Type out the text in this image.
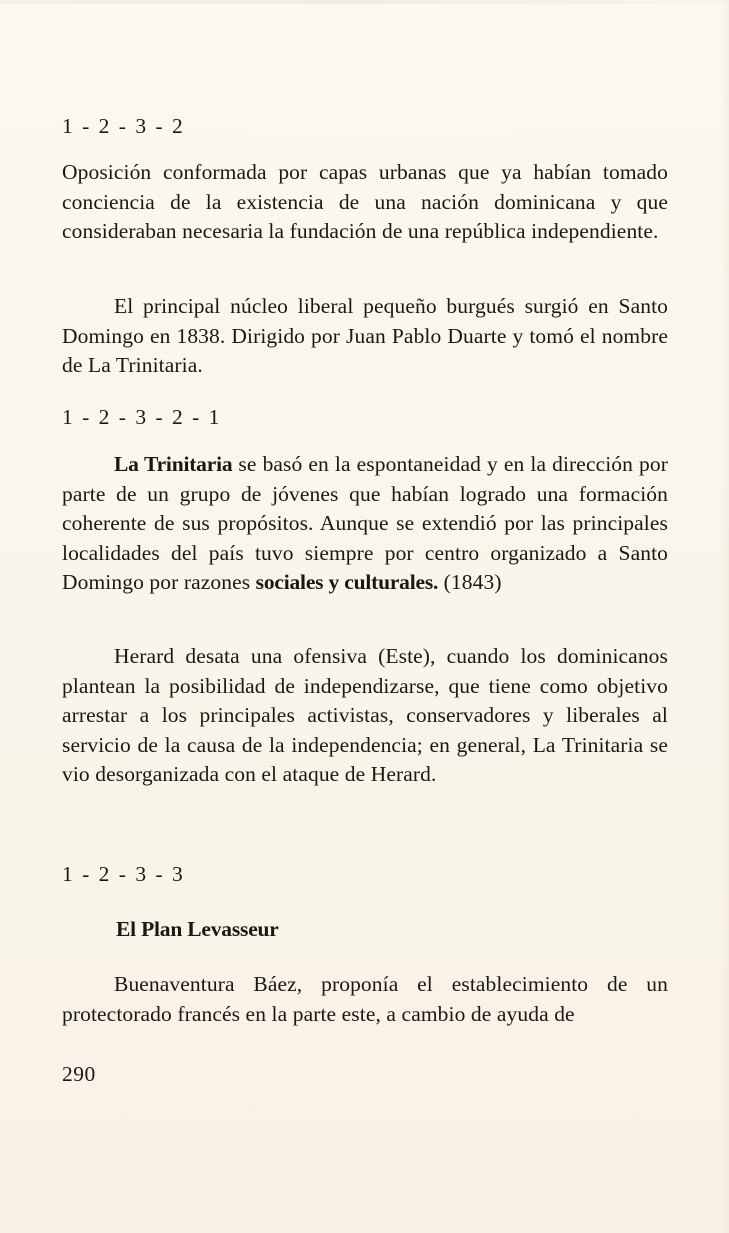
1 - 2 - 3 - 2

Oposición conformada por capas urbanas que ya habían tomado conciencia de la existencia de una nación dominicana y que consideraban necesaria la fundación de una república independiente.

El principal núcleo liberal pequeño burgués surgió en Santo Domingo en 1838. Dirigido por Juan Pablo Duarte y tomó el nombre de La Trinitaria.

1 - 2 - 3 - 2 - 1

La Trinitaria se basó en la espontaneidad y en la dirección por parte de un grupo de jóvenes que habían logrado una formación coherente de sus propósitos. Aunque se extendió por las principales localidades del país tuvo siempre por centro organizado a Santo Domingo por razones sociales y culturales. (1843)

Herard desata una ofensiva (Este), cuando los dominicanos plantean la posibilidad de independizarse, que tiene como objetivo arrestar a los principales activistas, conservadores y liberales al servicio de la causa de la independencia; en general, La Trinitaria se vio desorganizada con el ataque de Herard.

1 - 2 - 3 - 3

El Plan Levasseur

Buenaventura Báez, proponía el establecimiento de un protectorado francés en la parte este, a cambio de ayuda de

290
